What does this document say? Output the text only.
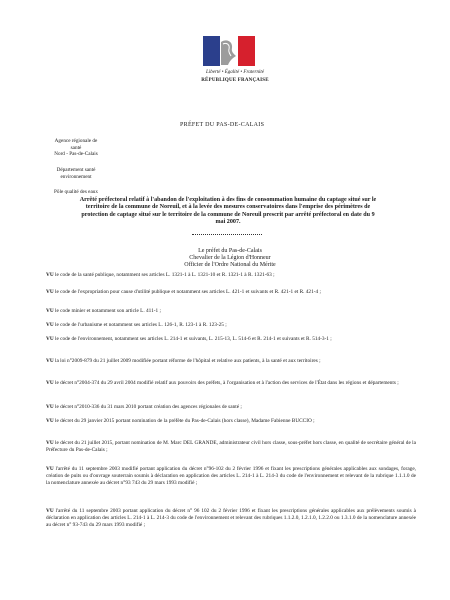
Liberté • Égalité • Fraternité
RÉPUBLIQUE FRANÇAISE
PRÉFET DU PAS-DE-CALAIS
Agence régionale de
santé
Nord - Pas-de-Calais
Département santé
environnement
Pôle qualité des eaux
Arrêté préfectoral relatif à l'abandon de l'exploitation à des fins de consommation humaine du captage situé sur le territoire de la commune de Noreuil, et à la levée des mesures conservatoires dans l'emprise des périmètres de protection de captage situé sur le territoire de la commune de Noreuil prescrit par arrêté préfectoral en date du 9 mai 2007.
Le préfet du Pas-de-Calais
Chevalier de la Légion d'Honneur
Officier de l'Ordre National du Mérite
VU le code de la santé publique, notamment ses articles L. 1321-1 à L. 1321-10 et R. 1321-1 à R. 1321-63 ;
VU le code de l'expropriation pour cause d'utilité publique et notamment ses articles L. 421-1 et suivants et R. 421-1 et R. 421-4 ;
VU le code minier et notamment son article L. 411-1 ;
VU le code de l'urbanisme et notamment ses articles L. 126-1, R. 123-1 à R. 123-25 ;
VU le code de l'environnement, notamment ses articles L. 214-1 et suivants, L. 215-13, L. 514-6 et R. 214-1 et suivants et R. 514-3-1 ;
VU la loi n°2009-879 du 21 juillet 2009 modifiée portant réforme de l'hôpital et relative aux patients, à la santé et aux territoires ;
VU le décret n°2004-374 du 29 avril 2004 modifié relatif aux pouvoirs des préfets, à l'organisation et à l'action des services de l'État dans les régions et départements ;
VU le décret n°2010-336 du 31 mars 2010 portant création des agences régionales de santé ;
VU le décret du 29 janvier 2015 portant nomination de la préfète du Pas-de-Calais (hors classe), Madame Fabienne BUCCIO ;
VU le décret du 21 juillet 2015, portant nomination de M. Marc DEL GRANDE, administrateur civil hors classe, sous-préfet hors classe, en qualité de secrétaire général de la Préfecture du Pas-de-Calais ;
VU l'arrêté du 11 septembre 2003 modifié portant application du décret n°96-102 du 2 février 1996 et fixant les prescriptions générales applicables aux sondages, forage, création de puits ou d'ouvrage souterrain soumis à déclaration en application des articles L. 214-1 à L. 214-3 du code de l'environnement et relevant de la rubrique 1.1.1.0 de la nomenclature annexée au décret n°93 743 du 29 mars 1993 modifié ;
VU l'arrêté du 11 septembre 2003 portant application du décret n° 96 102 du 2 février 1996 et fixant les prescriptions générales applicables aux prélèvements soumis à déclaration en application des articles L. 214-1 à L. 214-3 du code de l'environnement et relevant des rubriques 1.1.2.0, 1.2.1.0, 1.2.2.0 ou 1.3.1.0 de la nomenclature annexée au décret n° 93-743 du 29 mars 1993 modifié ;
